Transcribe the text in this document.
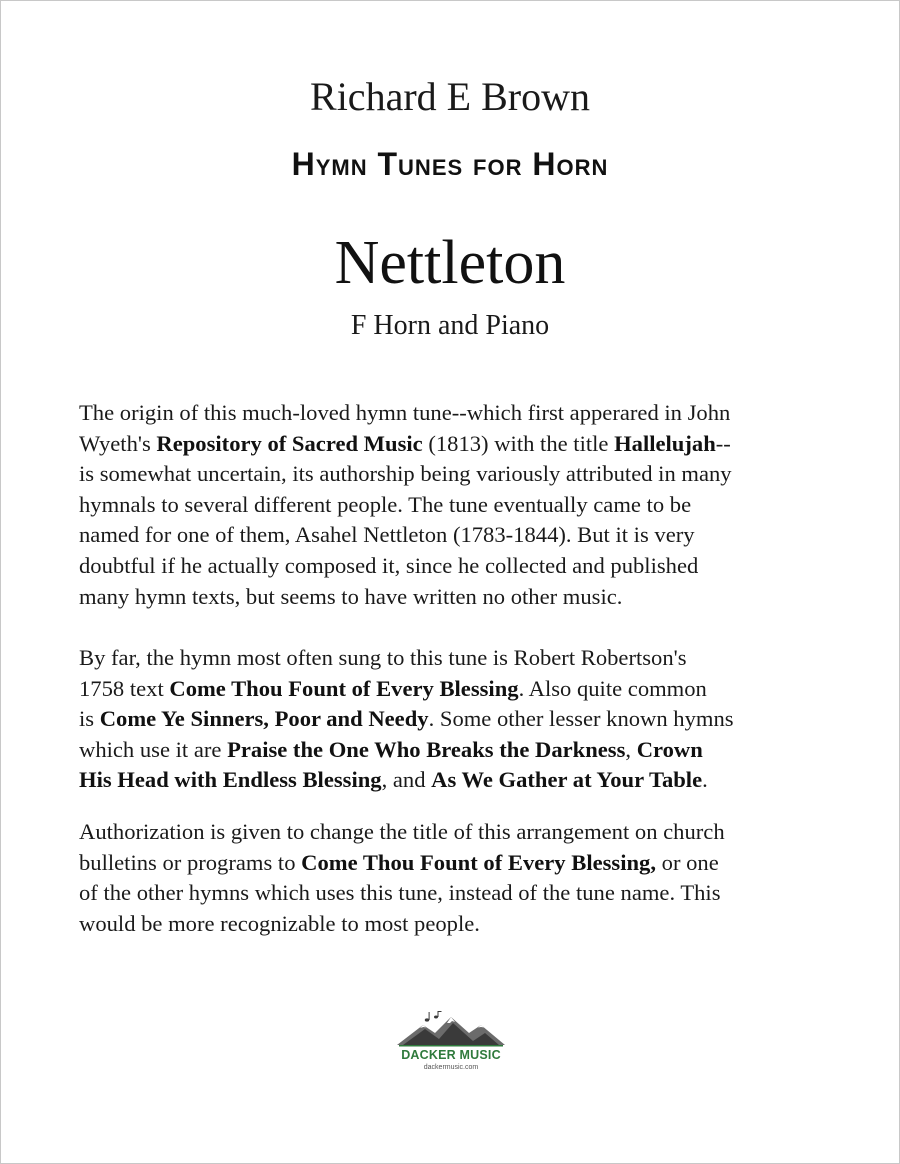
Richard E Brown
Hymn Tunes for Horn
Nettleton
F Horn and Piano

The origin of this much-loved hymn tune--which first apperared in John
Wyeth's Repository of Sacred Music (1813) with the title Hallelujah--
is somewhat uncertain, its authorship being variously attributed in many
hymnals to several different people. The tune eventually came to be
named for one of them, Asahel Nettleton (1783-1844). But it is very
doubtful if he actually composed it, since he collected and published
many hymn texts, but seems to have written no other music.

By far, the hymn most often sung to this tune is Robert Robertson's
1758 text Come Thou Fount of Every Blessing. Also quite common
is Come Ye Sinners, Poor and Needy. Some other lesser known hymns
which use it are Praise the One Who Breaks the Darkness, Crown
His Head with Endless Blessing, and As We Gather at Your Table.

Authorization is given to change the title of this arrangement on church
bulletins or programs to Come Thou Fount of Every Blessing, or one
of the other hymns which uses this tune, instead of the tune name. This
would be more recognizable to most people.

DACKER MUSIC
dackermusic.com
